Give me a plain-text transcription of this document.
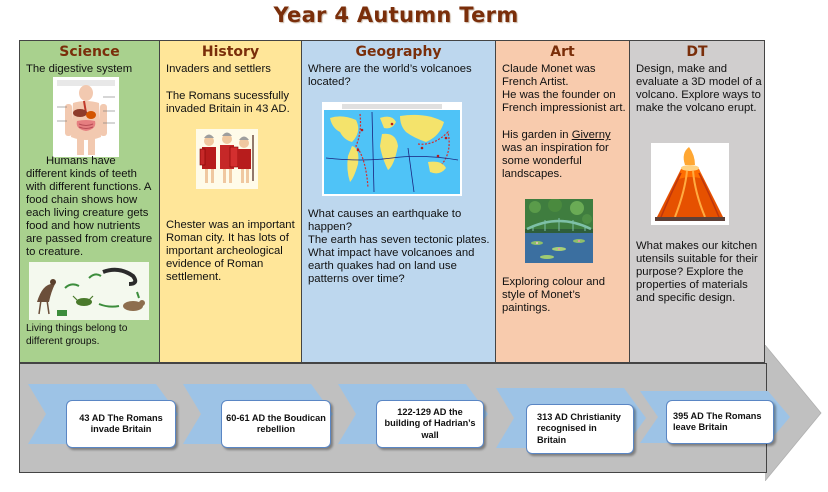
Year 4 Autumn Term
Science
The digestive system
Humans have different kinds of teeth with different functions. A food chain shows how each living creature gets food and how nutrients are passed from creature to creature.
Living things belong to different groups.
History
Invaders and settlers
The Romans sucessfully invaded Britain in 43 AD.
Chester was an important Roman city. It has lots of important archeological evidence of Roman settlement.
Geography
Where are the world’s volcanoes located?
What causes an earthquake to happen?
The earth has seven tectonic plates.
What impact have volcanoes and earth quakes had on land use patterns over time?
Art
Claude Monet was French Artist.
He was the founder on French impressionist art.
His garden in Giverny was an inspiration for some wonderful landscapes.
Exploring colour and style of Monet’s paintings.
DT
Design, make and evaluate a 3D model of a volcano. Explore ways to make the volcano erupt.
What makes our kitchen utensils suitable for their purpose? Explore the properties of materials and specific design.
43 AD The Romans invade Britain
60-61 AD the Boudican rebellion
122-129 AD the building of Hadrian’s wall
313 AD Christianity recognised in Britain
395 AD The Romans leave Britain
